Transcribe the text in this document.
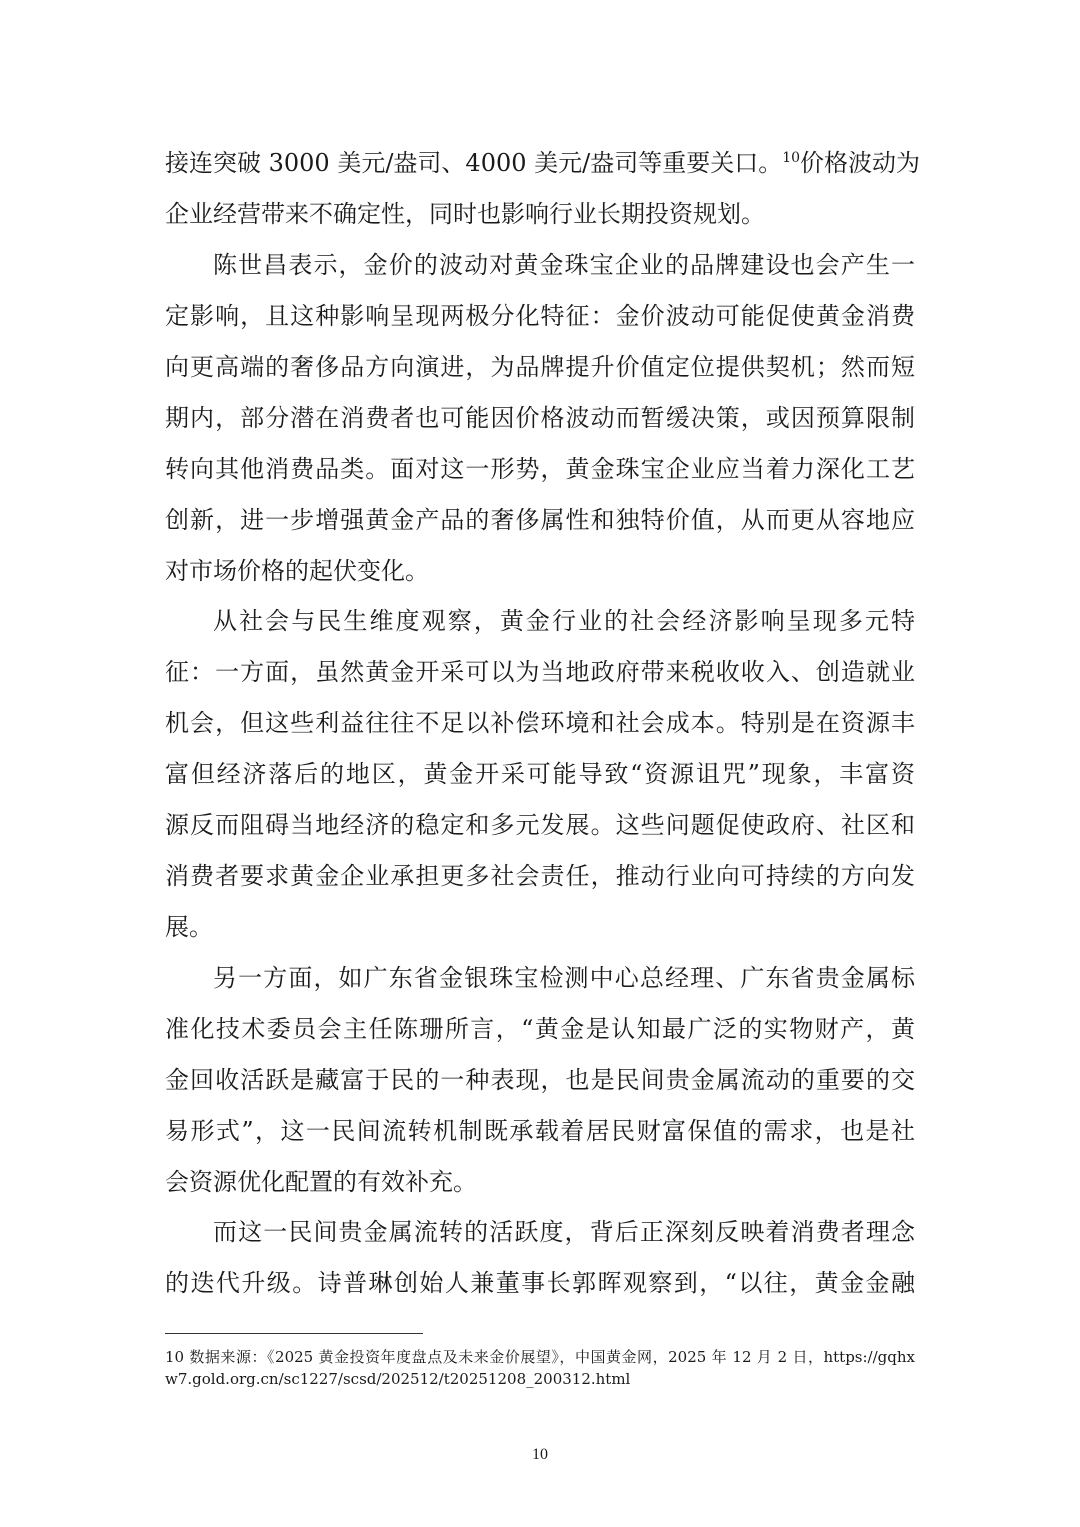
接连突破 3000 美元/盎司、4000 美元/盎司等重要关口。$^{10}$价格波动为
企业经营带来不确定性，同时也影响行业长期投资规划。
陈世昌表示，金价的波动对黄金珠宝企业的品牌建设也会产生一
定影响，且这种影响呈现两极分化特征：金价波动可能促使黄金消费
向更高端的奢侈品方向演进，为品牌提升价值定位提供契机；然而短
期内，部分潜在消费者也可能因价格波动而暂缓决策，或因预算限制
转向其他消费品类。面对这一形势，黄金珠宝企业应当着力深化工艺
创新，进一步增强黄金产品的奢侈属性和独特价值，从而更从容地应
对市场价格的起伏变化。
从社会与民生维度观察，黄金行业的社会经济影响呈现多元特
征：一方面，虽然黄金开采可以为当地政府带来税收收入、创造就业
机会，但这些利益往往不足以补偿环境和社会成本。特别是在资源丰
富但经济落后的地区，黄金开采可能导致“资源诅咒”现象，丰富资
源反而阻碍当地经济的稳定和多元发展。这些问题促使政府、社区和
消费者要求黄金企业承担更多社会责任，推动行业向可持续的方向发
展。
另一方面，如广东省金银珠宝检测中心总经理、广东省贵金属标
准化技术委员会主任陈珊所言，“黄金是认知最广泛的实物财产，黄
金回收活跃是藏富于民的一种表现，也是民间贵金属流动的重要的交
易形式”，这一民间流转机制既承载着居民财富保值的需求，也是社
会资源优化配置的有效补充。
而这一民间贵金属流转的活跃度，背后正深刻反映着消费者理念
的迭代升级。诗普琳创始人兼董事长郭晖观察到，“以往，黄金金融
10 数据来源：《2025 黄金投资年度盘点及未来金价展望》，中国黄金网，2025 年 12 月 2 日，https://gqhx
w7.gold.org.cn/sc1227/scsd/202512/t20251208_200312.html
10
